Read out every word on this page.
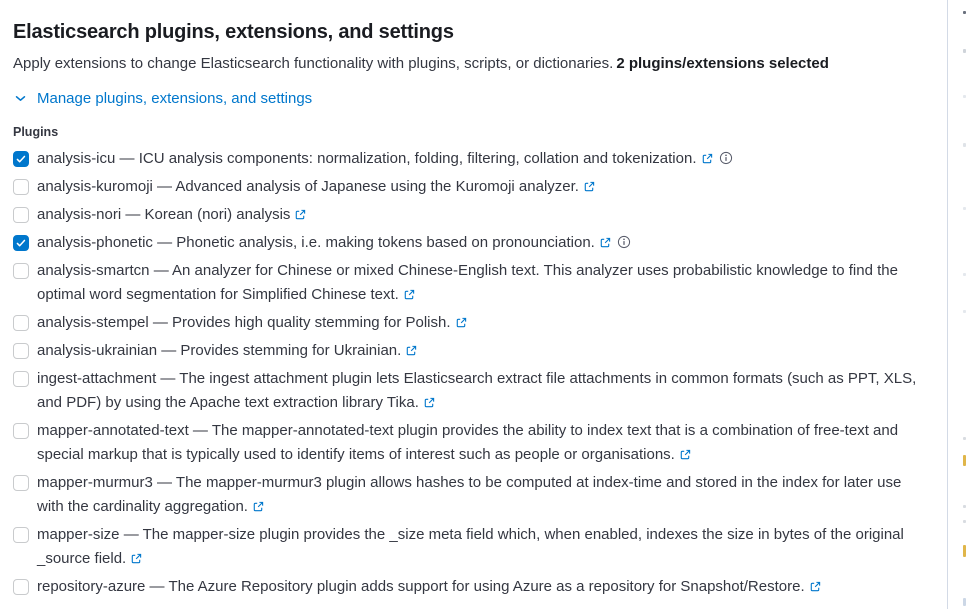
Elasticsearch plugins, extensions, and settings

Apply extensions to change Elasticsearch functionality with plugins, scripts, or dictionaries. 2 plugins/extensions selected

Manage plugins, extensions, and settings
Plugins
analysis-icu — ICU analysis components: normalization, folding, filtering, collation and tokenization.
analysis-kuromoji — Advanced analysis of Japanese using the Kuromoji analyzer.
analysis-nori — Korean (nori) analysis
analysis-phonetic — Phonetic analysis, i.e. making tokens based on pronounciation.
analysis-smartcn — An analyzer for Chinese or mixed Chinese-English text. This analyzer uses probabilistic knowledge to find the optimal word segmentation for Simplified Chinese text.
analysis-stempel — Provides high quality stemming for Polish.
analysis-ukrainian — Provides stemming for Ukrainian.
ingest-attachment — The ingest attachment plugin lets Elasticsearch extract file attachments in common formats (such as PPT, XLS, and PDF) by using the Apache text extraction library Tika.
mapper-annotated-text — The mapper-annotated-text plugin provides the ability to index text that is a combination of free-text and special markup that is typically used to identify items of interest such as people or organisations.
mapper-murmur3 — The mapper-murmur3 plugin allows hashes to be computed at index-time and stored in the index for later use with the cardinality aggregation.
mapper-size — The mapper-size plugin provides the _size meta field which, when enabled, indexes the size in bytes of the original _source field.
repository-azure — The Azure Repository plugin adds support for using Azure as a repository for Snapshot/Restore.
